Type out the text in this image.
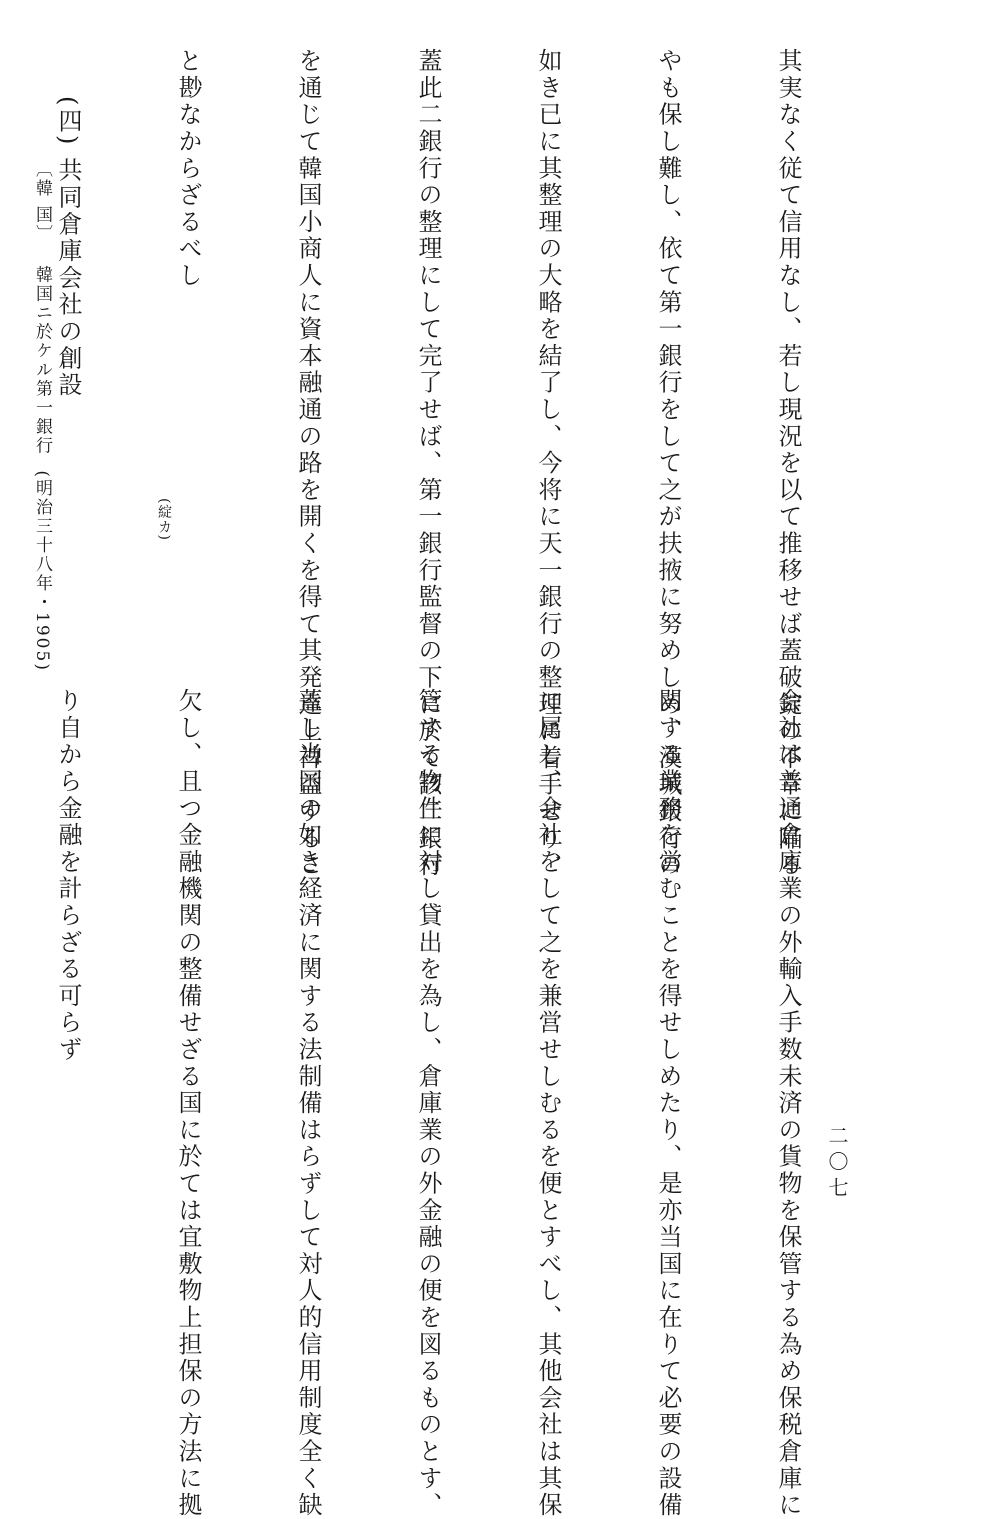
其実なく従て信用なし、若し現況を以て推移せば蓋破錠の不幸に陥る

やも保し難し、依て第一銀行をして之が扶掖に努めしめ、漢城銀行の

如き已に其整理の大略を結了し、今将に天一銀行の整理に着手せり、

蓋此二銀行の整理にして完了せば、第一銀行監督の下に於て該二銀行

を通じて韓国小商人に資本融通の路を開くを得て其発達上裨益するこ

と尠なからざるべし

(四) 共同倉庫会社の創設

(綻カ)

会社は普通倉庫業の外輸入手数未済の貨物を保管する為め保税倉庫に

関する業務を営むことを得せしめたり、是亦当国に在りて必要の設備

に属し、会社をして之を兼営せしむるを便とすべし、其他会社は其保

管する物件に対し貸出を為し、倉庫業の外金融の便を図るものとす、

蓋し当国の如き経済に関する法制備はらずして対人的信用制度全く缺

欠し、且つ金融機関の整備せざる国に於ては宜敷物上担保の方法に拠

り自から金融を計らざる可らず

〔韓 国〕   韓国ニ於ケル第一銀行  (明治三十八年・1905)
二〇七
